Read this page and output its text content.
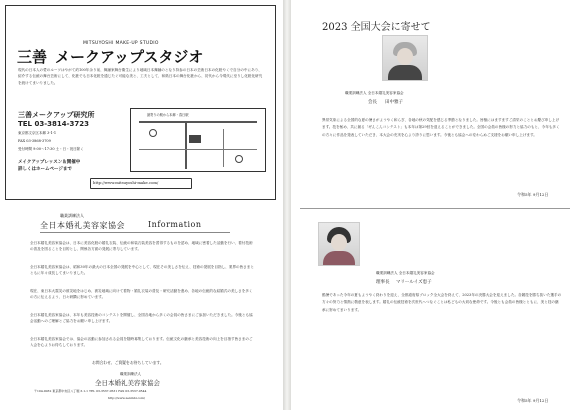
MITSUYOSHI MAKE-UP STUDIO
三善 メークアップスタジオ
現代の日本人の愛のルーツはやがて約100年余り前、舞踊家舞台衛生により地域日本舞踊のとなり持参の日本の芸術日本の化粧やくで自分の中にあり、紹介する伝統の舞台芸術にして、化粧でも日本化粧を通じたぐ可能な美と、工夫として、和紙日本の舞台化粧から、初代から今現代に至りし化粧化研究を続けてまいりました。
三善メークアップ研究所
TEL 03-3814-3723
東京都文京区本郷 3-1-1
FAX 03-3868-3709
受付時間 9:00〜17:30 土・日・祝日除く
最寄りの駅から本郷・春日駅
メイクアップレッスン＆開催中
詳しくはホームページまで
http://www.mitsuyoshi-make.com/
職業訓練法人
全日本婚礼美容家協会	Information
全日本婚礼美容家協会は、日本に美容化粧の婚礼衣装、伝統の和装衣装美容を習得するものを認め、地域に密着した活動を行い、着付技術の普及を図ることを目的とし、関係各方面の発展に寄与しています。
全日本婚礼美容家協会は、昭和30年の最大の日本全国の発展を中心として、現在その美しさを伝え、技術の発展を目指し、業界の皆さまとともに年々成長してまいりました。
現在、東日本大震災の被災地をはじめ、被災地域に向けて着物・婚礼衣装の普及・研究活動を進め、各地の伝統的な結婚式の美しさを多くの方に伝えるよう、日々研鑽に努めています。
全日本婚礼美容家協会は、本年も美容技術のコンテストを開催し、全国各地から多くの会員の皆さまにご参加いただきました。今後とも協会活動へのご理解とご協力をお願い申し上げます。
全日本婚礼美容家協会では、協会の活動に参加される会員を随時募集しております。伝統文化の継承と美容技術の向上を目指す皆さまのご入会を心よりお待ちしております。
お問合わせ、ご質疑をお待ちしています。
職業訓練法人
全日本婚礼美容家協会
〒104-0032 東京都中央区八丁堀 3-1-1 TEL 03-3537-0531 FAX 03-3537-0544
http://www.zeninbi.com/
2023 全国大会に寄せて
職業訓練法人 全日本婚礼美容家協会
会長 田中雅子
異常気象による全国的な夏の暑さがようやく和らぎ、各地の秋の気配を感じる季節となりました。皆様にはますますご清栄のこととお慶び申し上げます。技を極め、共に創る「ぜんこんコンテスト」も本年は第29回を迎えることができました。全国の会員の皆様の努力と協力のもと、今年も多くの方々に作品を発表していただき、本大会の充実を心より誇りに思います。今後とも協会への変わらぬご支援をお願い申し上げます。
令和5年 9月12日
職業訓練法人 全日本婚礼美容家協会
理事長 マリールイズ恵子
酷暑であった今年の夏もようやく終わりを迎え、全都道府県ブロック全大会を終えて、2023年の決勝大会を迎えました。各競技を勝ち抜いた選手の方々の努力と情熱に敬意を表します。婚礼の伝統技術を次世代へつなぐことは私どもの大切な使命です。今後とも会員の皆様とともに、美と技の継承に努めてまいります。
令和5年 9月12日
